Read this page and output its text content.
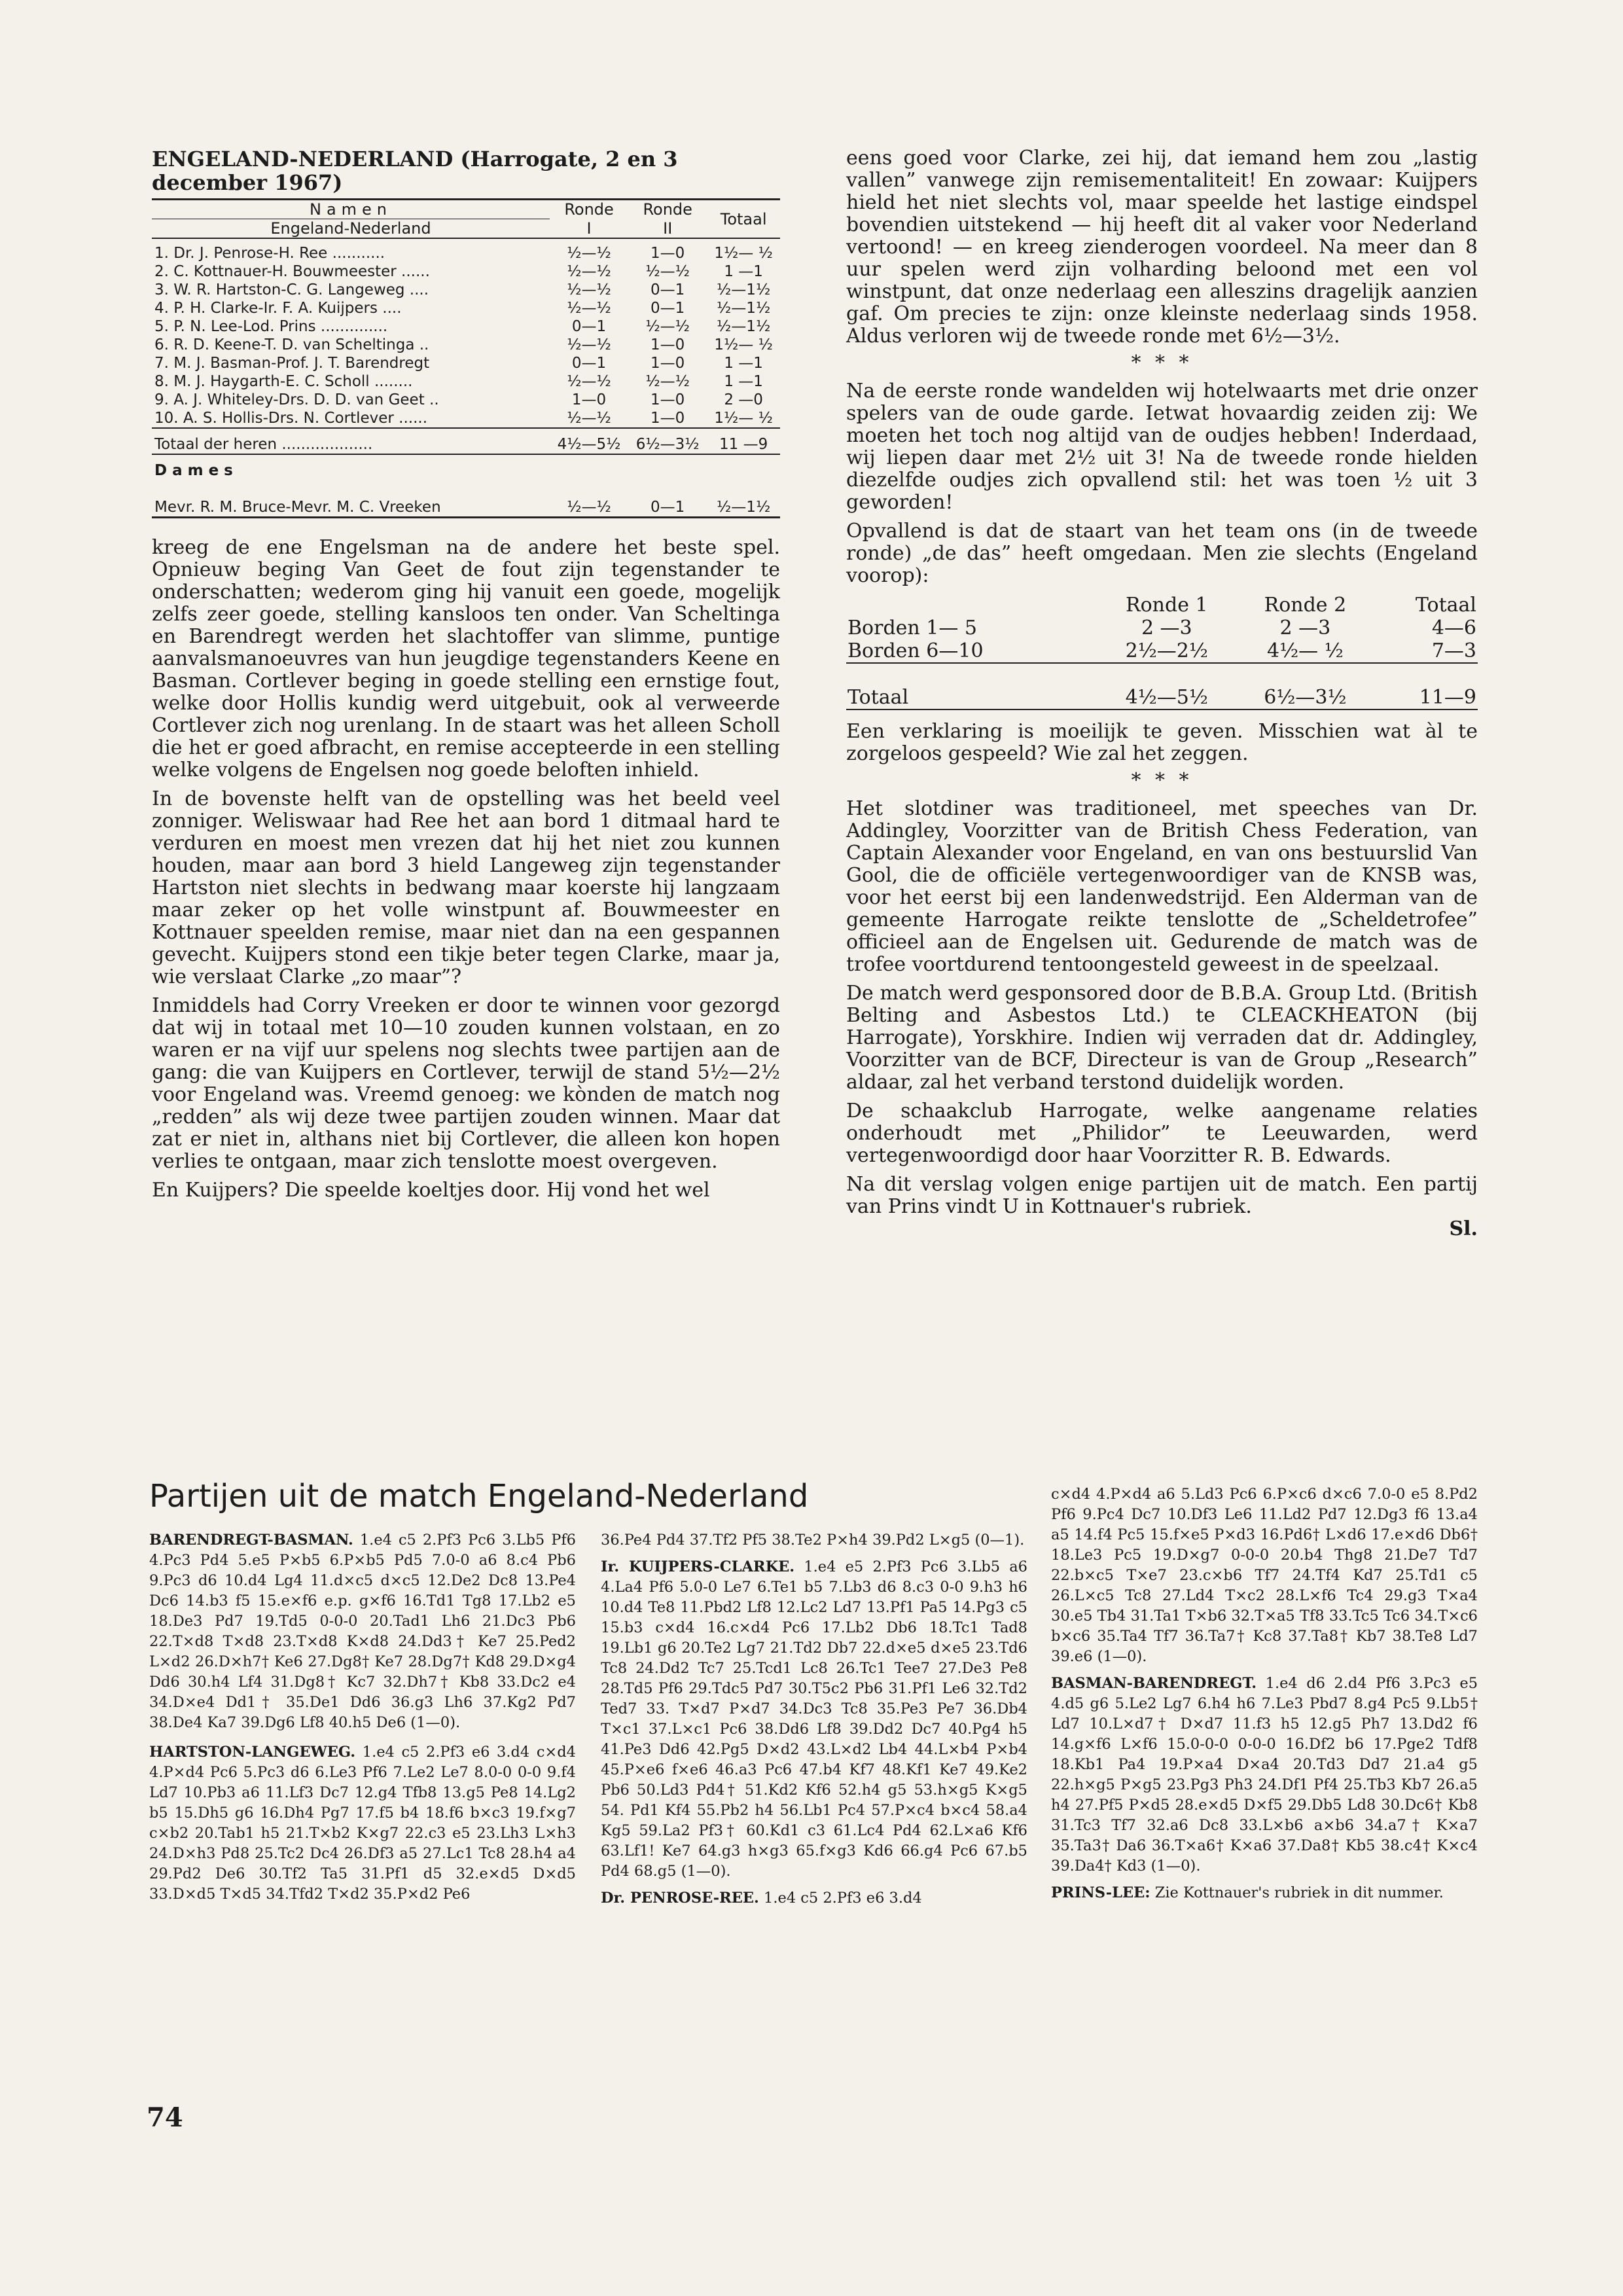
ENGELAND-NEDERLAND (Harrogate, 2 en 3 december 1967)
Namen	Ronde	Ronde	Totaal
Engeland-Nederland	I	II	

1. Dr. J. Penrose-H. Ree ...........	½—½	1—0	1½— ½
2. C. Kottnauer-H. Bouwmeester ......	½—½	½—½	1 —1
3. W. R. Hartston-C. G. Langeweg ....	½—½	0—1	½—1½
4. P. H. Clarke-Ir. F. A. Kuijpers ....	½—½	0—1	½—1½
5. P. N. Lee-Lod. Prins ..............	0—1	½—½	½—1½
6. R. D. Keene-T. D. van Scheltinga ..	½—½	1—0	1½— ½
7. M. J. Basman-Prof. J. T. Barendregt	0—1	1—0	1 —1
8. M. J. Haygarth-E. C. Scholl ........	½—½	½—½	1 —1
9. A. J. Whiteley-Drs. D. D. van Geet ..	1—0	1—0	2 —0
10. A. S. Hollis-Drs. N. Cortlever ......	½—½	1—0	1½— ½

Totaal der heren ...................	4½—5½	6½—3½	11 —9

Dames			

Mevr. R. M. Bruce-Mevr. M. C. Vreeken	½—½	0—1	½—1½

kreeg de ene Engelsman na de andere het beste spel. Opnieuw beging Van Geet de fout zijn tegenstander te onderschatten; wederom ging hij vanuit een goede, mogelijk zelfs zeer goede, stelling kansloos ten onder. Van Scheltinga en Barendregt werden het slachtoffer van slimme, puntige aanvalsmanoeuvres van hun jeugdige tegenstanders Keene en Basman. Cortlever beging in goede stelling een ernstige fout, welke door Hollis kundig werd uitgebuit, ook al verweerde Cortlever zich nog urenlang. In de staart was het alleen Scholl die het er goed afbracht, en remise accepteerde in een stelling welke volgens de Engelsen nog goede beloften inhield.

In de bovenste helft van de opstelling was het beeld veel zonniger. Weliswaar had Ree het aan bord 1 ditmaal hard te verduren en moest men vrezen dat hij het niet zou kunnen houden, maar aan bord 3 hield Langeweg zijn tegenstander Hartston niet slechts in bedwang maar koerste hij langzaam maar zeker op het volle winstpunt af. Bouwmeester en Kottnauer speelden remise, maar niet dan na een gespannen gevecht. Kuijpers stond een tikje beter tegen Clarke, maar ja, wie verslaat Clarke „zo maar”?

Inmiddels had Corry Vreeken er door te winnen voor gezorgd dat wij in totaal met 10—10 zouden kunnen volstaan, en zo waren er na vijf uur spelens nog slechts twee partijen aan de gang: die van Kuijpers en Cortlever, terwijl de stand 5½—2½ voor Engeland was. Vreemd genoeg: we kònden de match nog „redden” als wij deze twee partijen zouden winnen. Maar dat zat er niet in, althans niet bij Cortlever, die alleen kon hopen verlies te ontgaan, maar zich tenslotte moest overgeven.

En Kuijpers? Die speelde koeltjes door. Hij vond het wel

eens goed voor Clarke, zei hij, dat iemand hem zou „lastig vallen” vanwege zijn remisementaliteit! En zowaar: Kuijpers hield het niet slechts vol, maar speelde het lastige eindspel bovendien uitstekend — hij heeft dit al vaker voor Nederland vertoond! — en kreeg zienderogen voordeel. Na meer dan 8 uur spelen werd zijn volharding beloond met een vol winstpunt, dat onze nederlaag een alleszins dragelijk aanzien gaf. Om precies te zijn: onze kleinste nederlaag sinds 1958. Aldus verloren wij de tweede ronde met 6½—3½.

* * *

Na de eerste ronde wandelden wij hotelwaarts met drie onzer spelers van de oude garde. Ietwat hovaardig zeiden zij: We moeten het toch nog altijd van de oudjes hebben! Inderdaad, wij liepen daar met 2½ uit 3! Na de tweede ronde hielden diezelfde oudjes zich opvallend stil: het was toen ½ uit 3 geworden!

Opvallend is dat de staart van het team ons (in de tweede ronde) „de das” heeft omgedaan. Men zie slechts (Engeland voorop):

	Ronde 1	Ronde 2	Totaal
Borden 1— 5	2 —3	2 —3	4—6
Borden 6—10	2½—2½	4½— ½	7—3

Totaal	4½—5½	6½—3½	11—9

Een verklaring is moeilijk te geven. Misschien wat àl te zorgeloos gespeeld? Wie zal het zeggen.

* * *

Het slotdiner was traditioneel, met speeches van Dr. Addingley, Voorzitter van de British Chess Federation, van Captain Alexander voor Engeland, en van ons bestuurslid Van Gool, die de officiële vertegenwoordiger van de KNSB was, voor het eerst bij een landenwedstrijd. Een Alderman van de gemeente Harrogate reikte tenslotte de „Scheldetrofee” officieel aan de Engelsen uit. Gedurende de match was de trofee voortdurend tentoongesteld geweest in de speelzaal.

De match werd gesponsored door de B.B.A. Group Ltd. (British Belting and Asbestos Ltd.) te CLEACKHEATON (bij Harrogate), Yorskhire. Indien wij verraden dat dr. Addingley, Voorzitter van de BCF, Directeur is van de Group „Research” aldaar, zal het verband terstond duidelijk worden.

De schaakclub Harrogate, welke aangename relaties onderhoudt met „Philidor” te Leeuwarden, werd vertegenwoordigd door haar Voorzitter R. B. Edwards.

Na dit verslag volgen enige partijen uit de match. Een partij van Prins vindt U in Kottnauer's rubriek.

Sl.
Partijen uit de match Engeland-Nederland

BARENDREGT-BASMAN. 1.e4 c5 2.Pf3 Pc6 3.Lb5 Pf6 4.Pc3 Pd4 5.e5 P×b5 6.P×b5 Pd5 7.0-0 a6 8.c4 Pb6 9.Pc3 d6 10.d4 Lg4 11.d×c5 d×c5 12.De2 Dc8 13.Pe4 Dc6 14.b3 f5 15.e×f6 e.p. g×f6 16.Td1 Tg8 17.Lb2 e5 18.De3 Pd7 19.Td5 0-0-0 20.Tad1 Lh6 21.Dc3 Pb6 22.T×d8 T×d8 23.T×d8 K×d8 24.Dd3† Ke7 25.Ped2 L×d2 26.D×h7† Ke6 27.Dg8† Ke7 28.Dg7† Kd8 29.D×g4 Dd6 30.h4 Lf4 31.Dg8† Kc7 32.Dh7† Kb8 33.Dc2 e4 34.D×e4 Dd1† 35.De1 Dd6 36.g3 Lh6 37.Kg2 Pd7 38.De4 Ka7 39.Dg6 Lf8 40.h5 De6 (1—0).

HARTSTON-LANGEWEG. 1.e4 c5 2.Pf3 e6 3.d4 c×d4 4.P×d4 Pc6 5.Pc3 d6 6.Le3 Pf6 7.Le2 Le7 8.0-0 0-0 9.f4 Ld7 10.Pb3 a6 11.Lf3 Dc7 12.g4 Tfb8 13.g5 Pe8 14.Lg2 b5 15.Dh5 g6 16.Dh4 Pg7 17.f5 b4 18.f6 b×c3 19.f×g7 c×b2 20.Tab1 h5 21.T×b2 K×g7 22.c3 e5 23.Lh3 L×h3 24.D×h3 Pd8 25.Tc2 Dc4 26.Df3 a5 27.Lc1 Tc8 28.h4 a4 29.Pd2 De6 30.Tf2 Ta5 31.Pf1 d5 32.e×d5 D×d5 33.D×d5 T×d5 34.Tfd2 T×d2 35.P×d2 Pe6

36.Pe4 Pd4 37.Tf2 Pf5 38.Te2 P×h4 39.Pd2 L×g5 (0—1).

Ir. KUIJPERS-CLARKE. 1.e4 e5 2.Pf3 Pc6 3.Lb5 a6 4.La4 Pf6 5.0-0 Le7 6.Te1 b5 7.Lb3 d6 8.c3 0-0 9.h3 h6 10.d4 Te8 11.Pbd2 Lf8 12.Lc2 Ld7 13.Pf1 Pa5 14.Pg3 c5 15.b3 c×d4 16.c×d4 Pc6 17.Lb2 Db6 18.Tc1 Tad8 19.Lb1 g6 20.Te2 Lg7 21.Td2 Db7 22.d×e5 d×e5 23.Td6 Tc8 24.Dd2 Tc7 25.Tcd1 Lc8 26.Tc1 Tee7 27.De3 Pe8 28.Td5 Pf6 29.Tdc5 Pd7 30.T5c2 Pb6 31.Pf1 Le6 32.Td2 Ted7 33. T×d7 P×d7 34.Dc3 Tc8 35.Pe3 Pe7 36.Db4 T×c1 37.L×c1 Pc6 38.Dd6 Lf8 39.Dd2 Dc7 40.Pg4 h5 41.Pe3 Dd6 42.Pg5 D×d2 43.L×d2 Lb4 44.L×b4 P×b4 45.P×e6 f×e6 46.a3 Pc6 47.b4 Kf7 48.Kf1 Ke7 49.Ke2 Pb6 50.Ld3 Pd4† 51.Kd2 Kf6 52.h4 g5 53.h×g5 K×g5 54. Pd1 Kf4 55.Pb2 h4 56.Lb1 Pc4 57.P×c4 b×c4 58.a4 Kg5 59.La2 Pf3† 60.Kd1 c3 61.Lc4 Pd4 62.L×a6 Kf6 63.Lf1! Ke7 64.g3 h×g3 65.f×g3 Kd6 66.g4 Pc6 67.b5 Pd4 68.g5 (1—0).

Dr. PENROSE-REE. 1.e4 c5 2.Pf3 e6 3.d4

c×d4 4.P×d4 a6 5.Ld3 Pc6 6.P×c6 d×c6 7.0-0 e5 8.Pd2 Pf6 9.Pc4 Dc7 10.Df3 Le6 11.Ld2 Pd7 12.Dg3 f6 13.a4 a5 14.f4 Pc5 15.f×e5 P×d3 16.Pd6† L×d6 17.e×d6 Db6† 18.Le3 Pc5 19.D×g7 0-0-0 20.b4 Thg8 21.De7 Td7 22.b×c5 T×e7 23.c×b6 Tf7 24.Tf4 Kd7 25.Td1 c5 26.L×c5 Tc8 27.Ld4 T×c2 28.L×f6 Tc4 29.g3 T×a4 30.e5 Tb4 31.Ta1 T×b6 32.T×a5 Tf8 33.Tc5 Tc6 34.T×c6 b×c6 35.Ta4 Tf7 36.Ta7† Kc8 37.Ta8† Kb7 38.Te8 Ld7 39.e6 (1—0).

BASMAN-BARENDREGT. 1.e4 d6 2.d4 Pf6 3.Pc3 e5 4.d5 g6 5.Le2 Lg7 6.h4 h6 7.Le3 Pbd7 8.g4 Pc5 9.Lb5† Ld7 10.L×d7† D×d7 11.f3 h5 12.g5 Ph7 13.Dd2 f6 14.g×f6 L×f6 15.0-0-0 0-0-0 16.Df2 b6 17.Pge2 Tdf8 18.Kb1 Pa4 19.P×a4 D×a4 20.Td3 Dd7 21.a4 g5 22.h×g5 P×g5 23.Pg3 Ph3 24.Df1 Pf4 25.Tb3 Kb7 26.a5 h4 27.Pf5 P×d5 28.e×d5 D×f5 29.Db5 Ld8 30.Dc6† Kb8 31.Tc3 Tf7 32.a6 Dc8 33.L×b6 a×b6 34.a7† K×a7 35.Ta3† Da6 36.T×a6† K×a6 37.Da8† Kb5 38.c4† K×c4 39.Da4† Kd3 (1—0).

PRINS-LEE: Zie Kottnauer's rubriek in dit nummer.

74
